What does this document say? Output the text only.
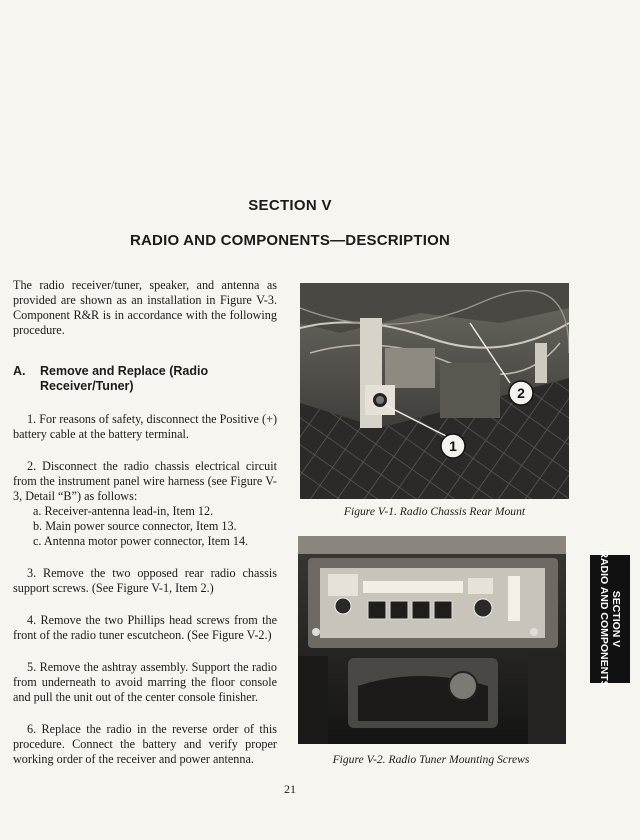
SECTION V
RADIO AND COMPONENTS—DESCRIPTION

The radio receiver/tuner, speaker, and antenna as provided are shown as an installation in Figure V-3. Component R&R is in accordance with the following procedure.

A.	Remove and Replace (Radio Receiver/Tuner)

1. For reasons of safety, disconnect the Positive (+) battery cable at the battery terminal.

2. Disconnect the radio chassis electrical circuit from the instrument panel wire harness (see Figure V-3, Detail “B”) as follows:

a. Receiver-antenna lead-in, Item 12.
b. Main power source connector, Item 13.
c. Antenna motor power connector, Item 14.

3. Remove the two opposed rear radio chassis support screws. (See Figure V-1, Item 2.)

4. Remove the two Phillips head screws from the front of the radio tuner escutcheon. (See Figure V-2.)

5. Remove the ashtray assembly. Support the radio from underneath to avoid marring the floor console and pull the unit out of the center console finisher.

6. Replace the radio in the reverse order of this procedure. Connect the battery and verify proper working order of the receiver and power antenna.

1
2
Figure V-1. Radio Chassis Rear Mount
Figure V-2. Radio Tuner Mounting Screws
21
SECTION V
RADIO AND COMPONENTS
